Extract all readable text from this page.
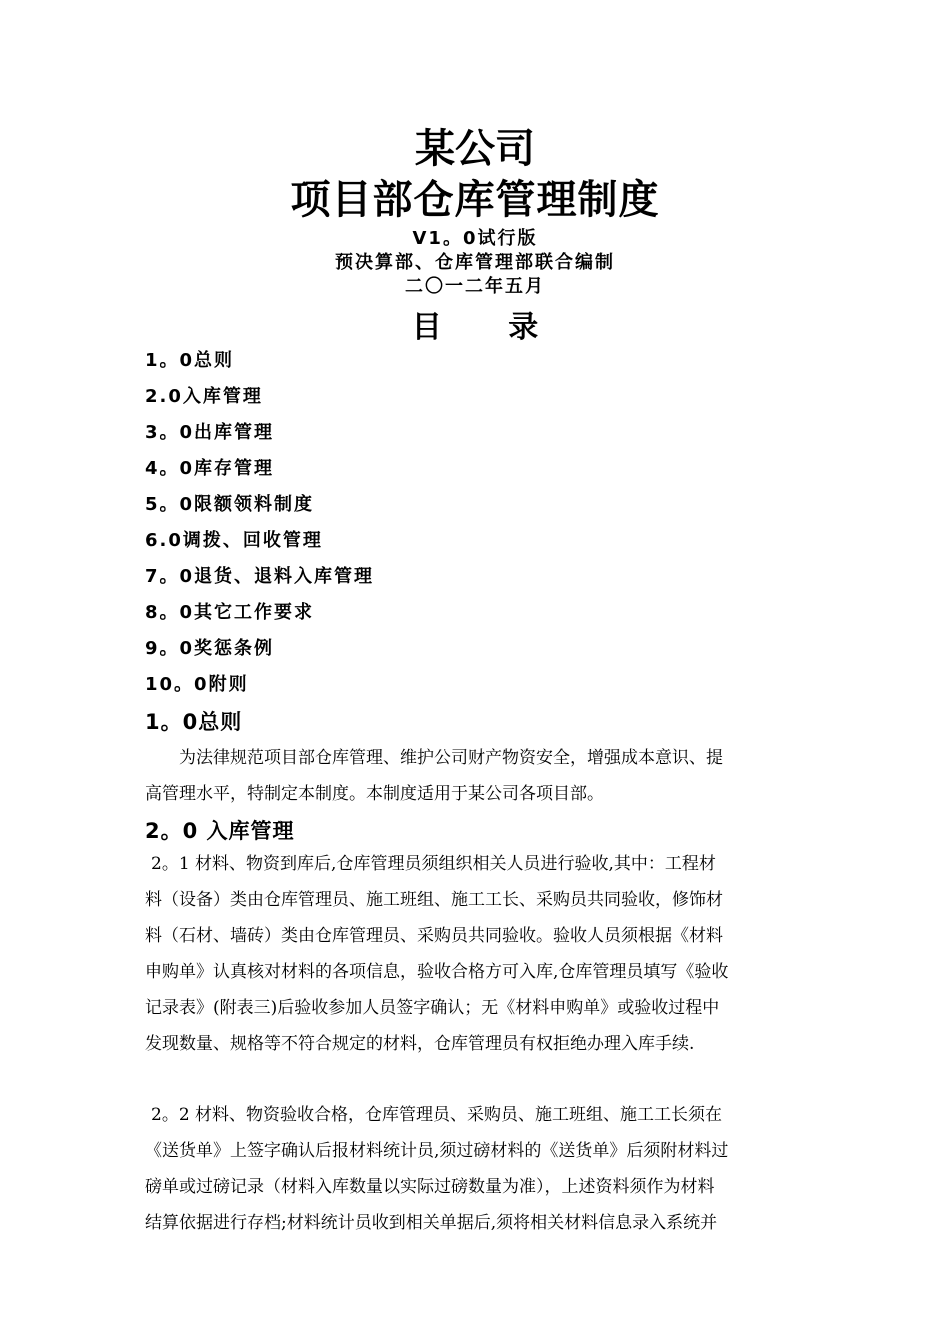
某公司
项目部仓库管理制度
V1。0试行版
预决算部、仓库管理部联合编制
二〇一二年五月
目 录
1。0总则
2.0入库管理
3。0出库管理
4。0库存管理
5。0限额领料制度
6.0调拨、回收管理
7。0退货、退料入库管理
8。0其它工作要求
9。0奖惩条例
10。0附则
1。0总则
为法律规范项目部仓库管理、维护公司财产物资安全，增强成本意识、提
高管理水平，特制定本制度。本制度适用于某公司各项目部。
2。0 入库管理
2。1 材料、物资到库后,仓库管理员须组织相关人员进行验收,其中：工程材
料（设备）类由仓库管理员、施工班组、施工工长、采购员共同验收，修饰材
料（石材、墙砖）类由仓库管理员、采购员共同验收。验收人员须根据《材料
申购单》认真核对材料的各项信息，验收合格方可入库,仓库管理员填写《验收
记录表》(附表三)后验收参加人员签字确认；无《材料申购单》或验收过程中
发现数量、规格等不符合规定的材料，仓库管理员有权拒绝办理入库手续.
2。2 材料、物资验收合格，仓库管理员、采购员、施工班组、施工工长须在
《送货单》上签字确认后报材料统计员,须过磅材料的《送货单》后须附材料过
磅单或过磅记录（材料入库数量以实际过磅数量为准），上述资料须作为材料
结算依据进行存档;材料统计员收到相关单据后,须将相关材料信息录入系统并
